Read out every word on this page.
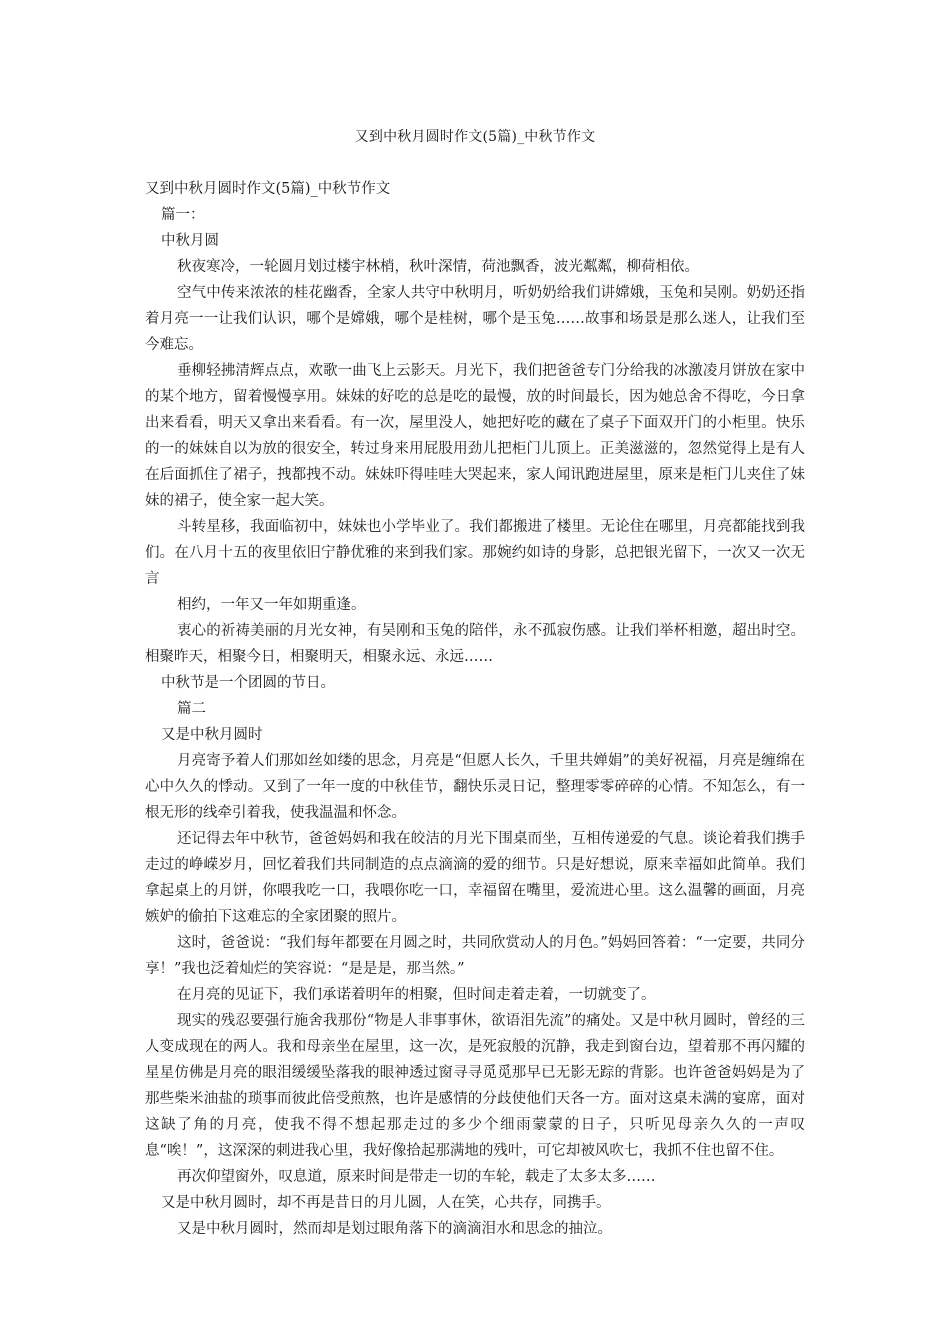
又到中秋月圆时作文(5篇)_中秋节作文

又到中秋月圆时作文(5篇)_中秋节作文

篇一：

中秋月圆

秋夜寒冷，一轮圆月划过楼宇林梢，秋叶深情，荷池飘香，波光粼粼，柳荷相依。

空气中传来浓浓的桂花幽香，全家人共守中秋明月，听奶奶给我们讲嫦娥，玉兔和吴刚。奶奶还指着月亮一一让我们认识，哪个是嫦娥，哪个是桂树，哪个是玉兔……故事和场景是那么迷人，让我们至今难忘。

垂柳轻拂清辉点点，欢歌一曲飞上云影天。月光下，我们把爸爸专门分给我的冰激凌月饼放在家中的某个地方，留着慢慢享用。妹妹的好吃的总是吃的最慢，放的时间最长，因为她总舍不得吃，今日拿出来看看，明天又拿出来看看。有一次，屋里没人，她把好吃的藏在了桌子下面双开门的小柜里。快乐的一的妹妹自以为放的很安全，转过身来用屁股用劲儿把柜门儿顶上。正美滋滋的，忽然觉得上是有人在后面抓住了裙子，拽都拽不动。妹妹吓得哇哇大哭起来，家人闻讯跑进屋里，原来是柜门儿夹住了妹妹的裙子，使全家一起大笑。

斗转星移，我面临初中，妹妹也小学毕业了。我们都搬进了楼里。无论住在哪里，月亮都能找到我们。在八月十五的夜里依旧宁静优雅的来到我们家。那婉约如诗的身影，总把银光留下，一次又一次无言

相约，一年又一年如期重逢。

衷心的祈祷美丽的月光女神，有吴刚和玉兔的陪伴，永不孤寂伤感。让我们举杯相邀，超出时空。相聚昨天，相聚今日，相聚明天，相聚永远、永远……

中秋节是一个团圆的节日。

篇二

又是中秋月圆时

月亮寄予着人们那如丝如缕的思念，月亮是“但愿人长久，千里共婵娟”的美好祝福，月亮是缠绵在心中久久的悸动。又到了一年一度的中秋佳节，翻快乐灵日记，整理零零碎碎的心情。不知怎么，有一根无形的线牵引着我，使我温温和怀念。

还记得去年中秋节，爸爸妈妈和我在皎洁的月光下围桌而坐，互相传递爱的气息。谈论着我们携手走过的峥嵘岁月，回忆着我们共同制造的点点滴滴的爱的细节。只是好想说，原来幸福如此简单。我们拿起桌上的月饼，你喂我吃一口，我喂你吃一口，幸福留在嘴里，爱流进心里。这么温馨的画面，月亮嫉妒的偷拍下这难忘的全家团聚的照片。

这时，爸爸说：“我们每年都要在月圆之时，共同欣赏动人的月色。”妈妈回答着：“一定要，共同分享！”我也泛着灿烂的笑容说：“是是是，那当然。”

在月亮的见证下，我们承诺着明年的相聚，但时间走着走着，一切就变了。

现实的残忍要强行施舍我那份“物是人非事事休，欲语泪先流”的痛处。又是中秋月圆时，曾经的三人变成现在的两人。我和母亲坐在屋里，这一次，是死寂般的沉静，我走到窗台边，望着那不再闪耀的星星仿佛是月亮的眼泪缓缓坠落我的眼神透过窗寻寻觅觅那早已无影无踪的背影。也许爸爸妈妈是为了那些柴米油盐的琐事而彼此倍受煎熬，也许是感情的分歧使他们天各一方。面对这桌未满的宴席，面对这缺了角的月亮，使我不得不想起那走过的多少个细雨蒙蒙的日子，只听见母亲久久的一声叹息“唉！”，这深深的刺进我心里，我好像拾起那满地的残叶，可它却被风吹七，我抓不住也留不住。

再次仰望窗外，叹息道，原来时间是带走一切的车轮，载走了太多太多……

又是中秋月圆时，却不再是昔日的月儿圆，人在笑，心共存，同携手。

又是中秋月圆时，然而却是划过眼角落下的滴滴泪水和思念的抽泣。
